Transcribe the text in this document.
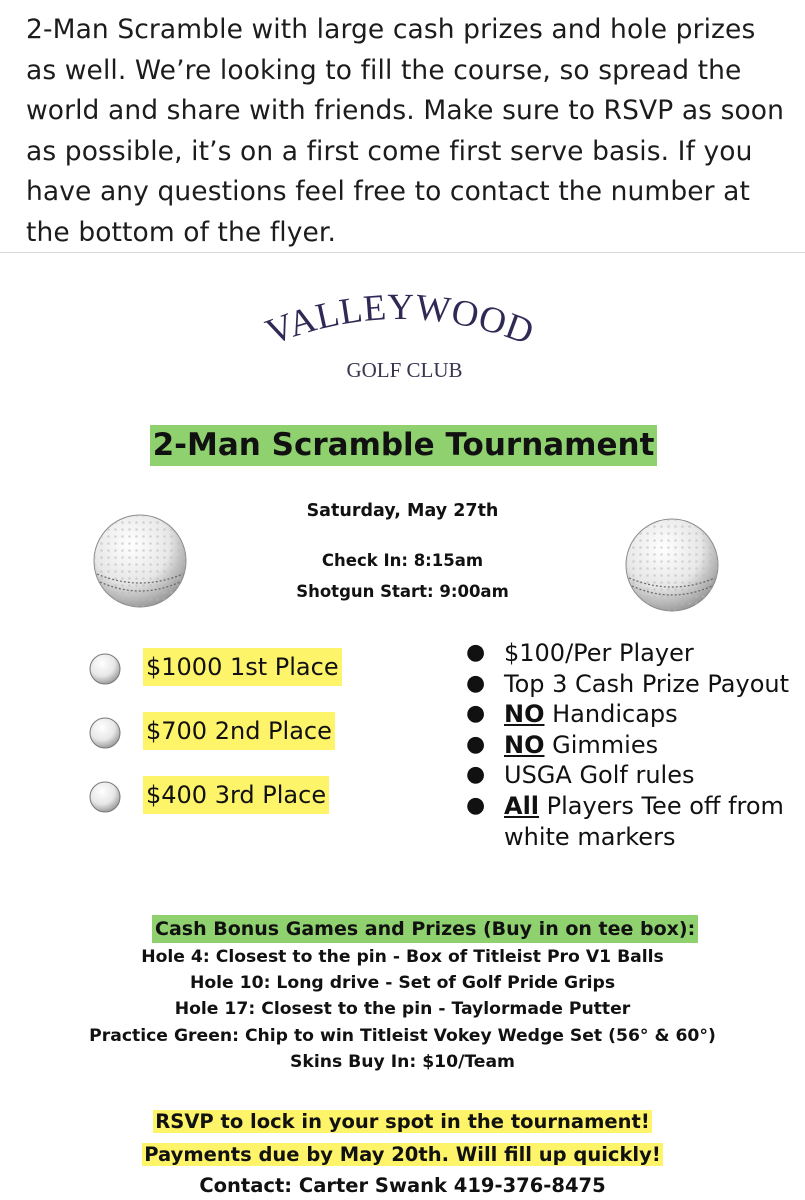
2-Man Scramble with large cash prizes and hole prizes as well. We’re looking to fill the course, so spread the world and share with friends. Make sure to RSVP as soon as possible, it’s on a first come first serve basis. If you have any questions feel free to contact the number at the bottom of the flyer.
VALLEYWOOD
GOLF CLUB
2-Man Scramble Tournament
Saturday, May 27th
Check In: 8:15am
Shotgun Start: 9:00am
$1000 1st Place
$700 2nd Place
$400 3rd Place
● $100/Per Player
● Top 3 Cash Prize Payout
● NO Handicaps
● NO Gimmies
● USGA Golf rules
● All Players Tee off from white markers
Cash Bonus Games and Prizes (Buy in on tee box):
Hole 4: Closest to the pin - Box of Titleist Pro V1 Balls
Hole 10: Long drive - Set of Golf Pride Grips
Hole 17: Closest to the pin - Taylormade Putter
Practice Green: Chip to win Titleist Vokey Wedge Set (56° & 60°)
Skins Buy In: $10/Team
RSVP to lock in your spot in the tournament!
Payments due by May 20th. Will fill up quickly!
Contact: Carter Swank 419-376-8475
